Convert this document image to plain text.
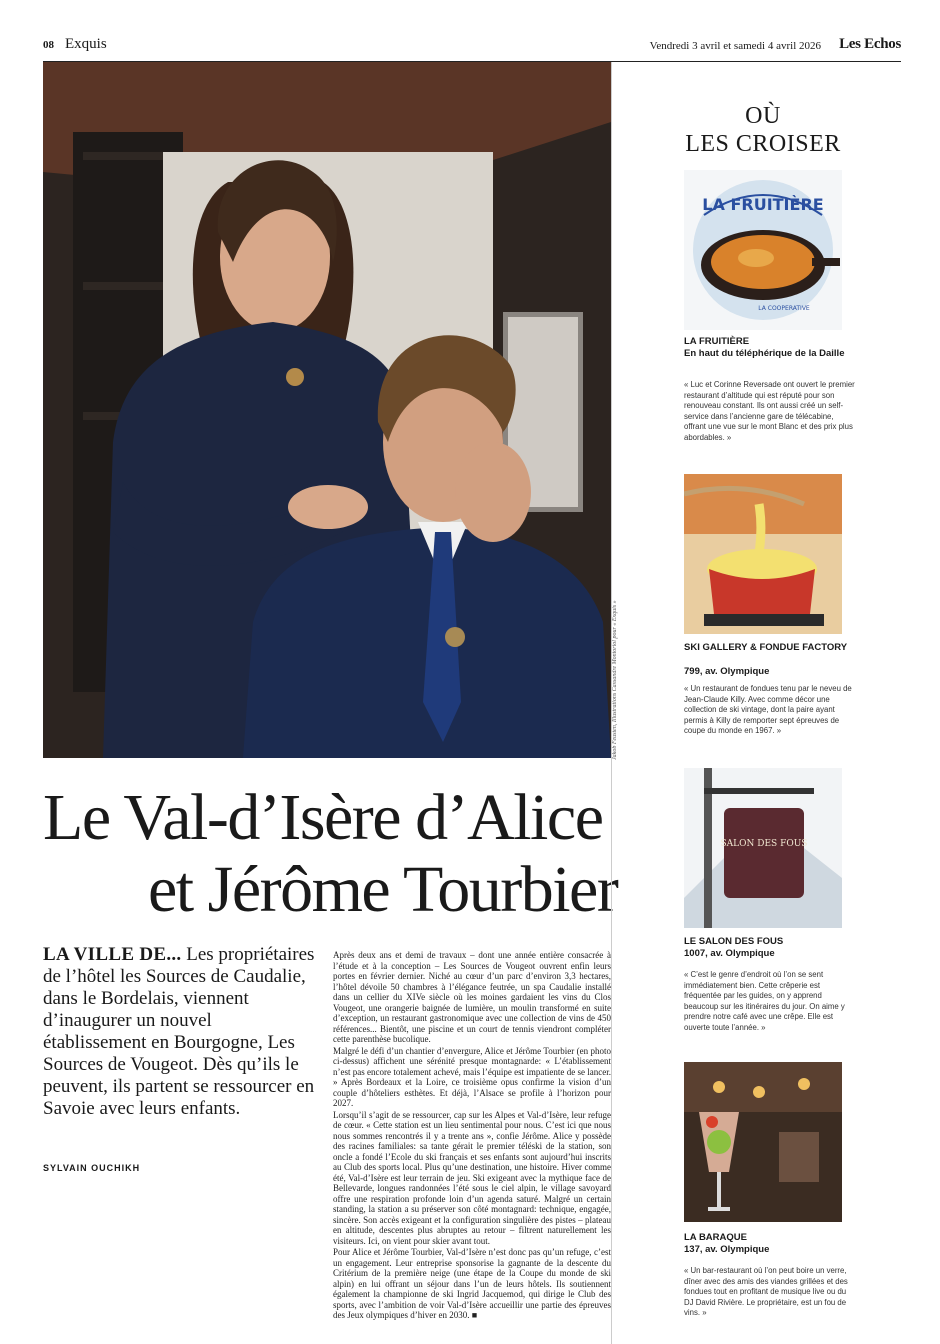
08 Exquis	Vendredi 3 avril et samedi 4 avril 2026 Les Echos
Jakob Feusten, Illustrations Cassandre Montoriol pour « Exquis »
Le Val-d’Isère d’Alice
et Jérôme Tourbier
LA VILLE DE... Les propriétaires de l’hôtel les Sources de Caudalie, dans le Bordelais, viennent d’inaugurer un nouvel établissement en Bourgogne, Les Sources de Vougeot. Dès qu’ils le peuvent, ils partent se ressourcer en Savoie avec leurs enfants.
SYLVAIN OUCHIKH

Après deux ans et demi de travaux – dont une année entière consacrée à l’étude et à la conception – Les Sources de Vougeot ouvrent enfin leurs portes en février dernier. Niché au cœur d’un parc d’environ 3,3 hectares, l’hôtel dévoile 50 chambres à l’élégance feutrée, un spa Caudalie installé dans un cellier du XIVe siècle où les moines gardaient les vins du Clos Vougeot, une orangerie baignée de lumière, un moulin transformé en suite d’exception, un restaurant gastronomique avec une collection de vins de 450 références... Bientôt, une piscine et un court de tennis viendront compléter cette parenthèse bucolique.

Malgré le défi d’un chantier d’envergure, Alice et Jérôme Tourbier (en photo ci-dessus) affichent une sérénité presque montagnarde: « L’établissement n’est pas encore totalement achevé, mais l’équipe est impatiente de se lancer. » Après Bordeaux et la Loire, ce troisième opus confirme la vision d’un couple d’hôteliers esthètes. Et déjà, l’Alsace se profile à l’horizon pour 2027.

Lorsqu’il s’agit de se ressourcer, cap sur les Alpes et Val-d’Isère, leur refuge de cœur. « Cette station est un lieu sentimental pour nous. C’est ici que nous nous sommes rencontrés il y a trente ans », confie Jérôme. Alice y possède des racines familiales: sa tante gérait le premier téléski de la station, son oncle a fondé l’Ecole du ski français et ses enfants sont aujourd’hui inscrits au Club des sports local. Plus qu’une destination, une histoire. Hiver comme été, Val-d’Isère est leur terrain de jeu. Ski exigeant avec la mythique face de Bellevarde, longues randonnées l’été sous le ciel alpin, le village savoyard offre une respiration profonde loin d’un agenda saturé. Malgré un certain standing, la station a su préserver son côté montagnard: technique, engagée, sincère. Son accès exigeant et la configuration singulière des pistes – plateau en altitude, descentes plus abruptes au retour – filtrent naturellement les visiteurs. Ici, on vient pour skier avant tout.

Pour Alice et Jérôme Tourbier, Val-d’Isère n’est donc pas qu’un refuge, c’est un engagement. Leur entreprise sponsorise la gagnante de la descente du Critérium de la première neige (une étape de la Coupe du monde de ski alpin) en lui offrant un séjour dans l’un de leurs hôtels. Ils soutiennent également la championne de ski Ingrid Jacquemod, qui dirige le Club des sports, avec l’ambition de voir Val-d’Isère accueillir une partie des épreuves des Jeux olympiques d’hiver en 2030. ■

OÙ
LES CROISER
LA FRUITIÈRE
LA COOPERATIVE
LA FRUITIÈRE
En haut du téléphérique de la Daille
« Luc et Corinne Reversade ont ouvert le premier restaurant d’altitude qui est réputé pour son renouveau constant. Ils ont aussi créé un self-service dans l’ancienne gare de télécabine, offrant une vue sur le mont Blanc et des prix plus abordables. »
SKI GALLERY & FONDUE FACTORY
799, av. Olympique
« Un restaurant de fondues tenu par le neveu de Jean-Claude Killy. Avec comme décor une collection de ski vintage, dont la paire ayant permis à Killy de remporter sept épreuves de coupe du monde en 1967. »
SALON DES FOUS
LE SALON DES FOUS
1007, av. Olympique
« C’est le genre d’endroit où l’on se sent immédiatement bien. Cette crêperie est fréquentée par les guides, on y apprend beaucoup sur les itinéraires du jour. On aime y prendre notre café avec une crêpe. Elle est ouverte toute l’année. »
LA BARAQUE
137, av. Olympique
« Un bar-restaurant où l’on peut boire un verre, dîner avec des amis des viandes grillées et des fondues tout en profitant de musique live ou du DJ David Rivière. Le propriétaire, est un fou de vins. »
